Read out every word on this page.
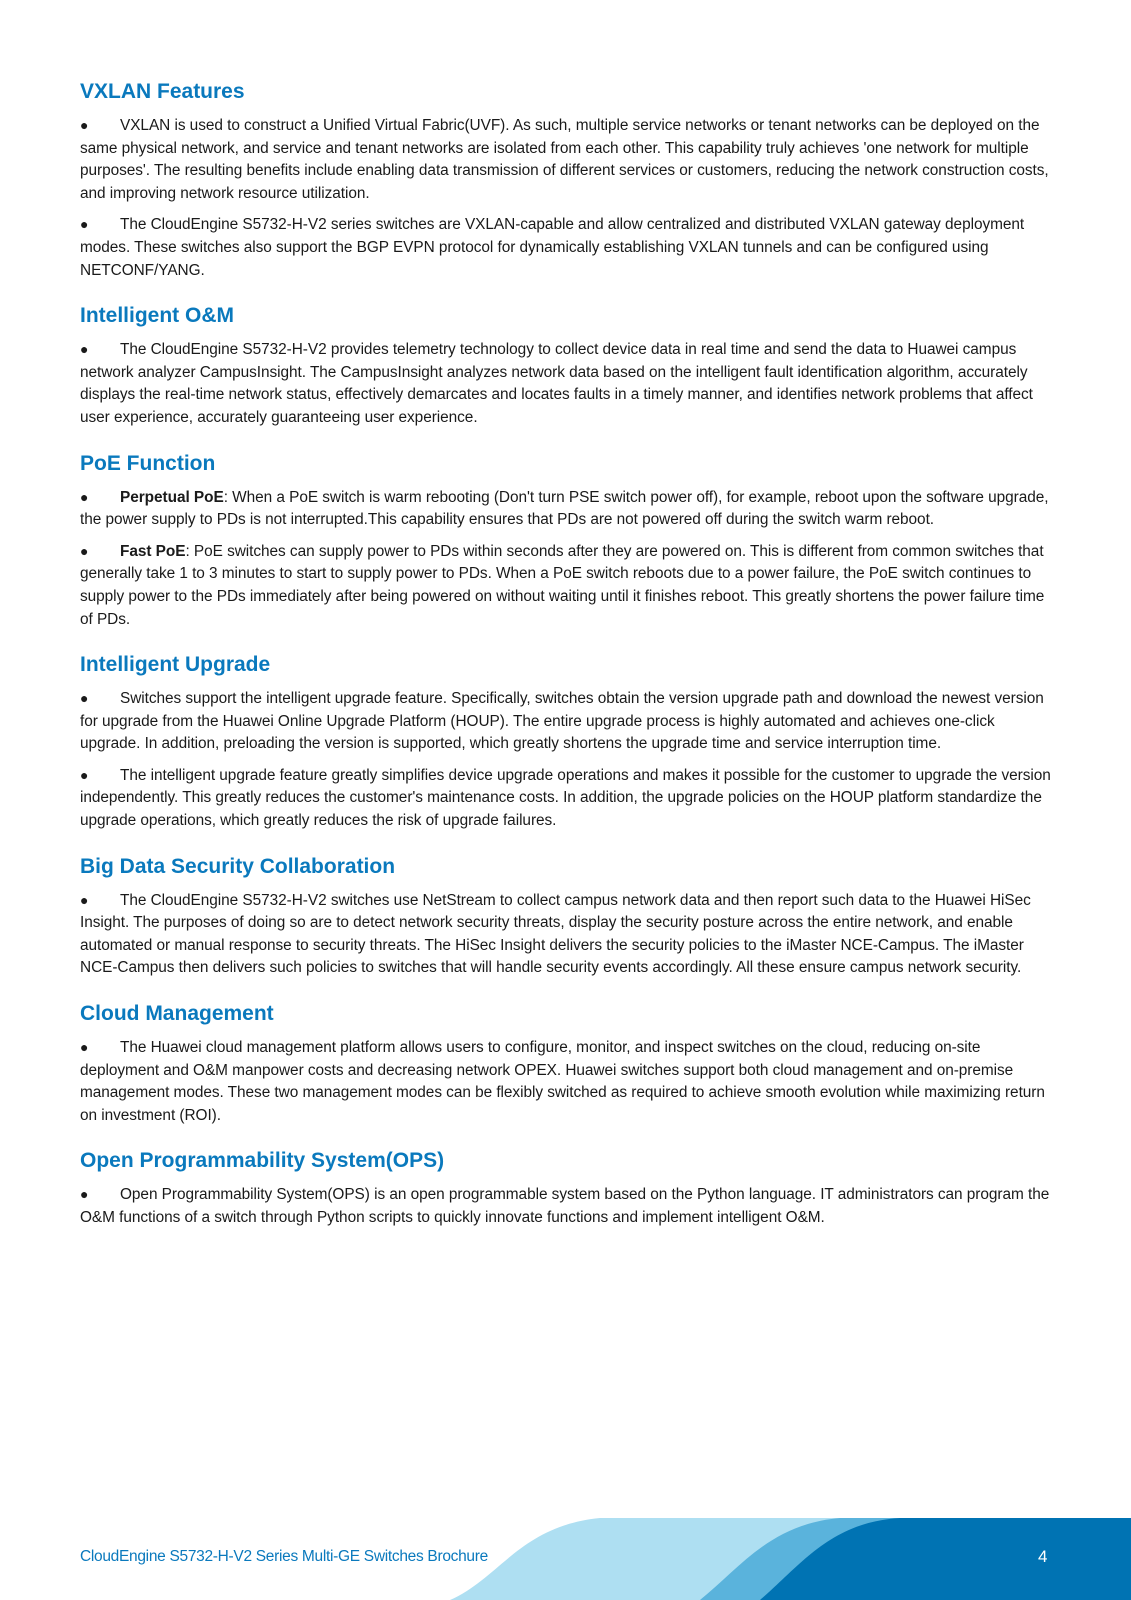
VXLAN Features

●VXLAN is used to construct a Unified Virtual Fabric(UVF). As such, multiple service networks or tenant networks can be deployed on the same physical network, and service and tenant networks are isolated from each other. This capability truly achieves 'one network for multiple purposes'. The resulting benefits include enabling data transmission of different services or customers, reducing the network construction costs, and improving network resource utilization.

●The CloudEngine S5732-H-V2 series switches are VXLAN-capable and allow centralized and distributed VXLAN gateway deployment modes. These switches also support the BGP EVPN protocol for dynamically establishing VXLAN tunnels and can be configured using NETCONF/YANG.

Intelligent O&M

●The CloudEngine S5732-H-V2 provides telemetry technology to collect device data in real time and send the data to Huawei campus network analyzer CampusInsight. The CampusInsight analyzes network data based on the intelligent fault identification algorithm, accurately displays the real-time network status, effectively demarcates and locates faults in a timely manner, and identifies network problems that affect user experience, accurately guaranteeing user experience.

PoE Function

●Perpetual PoE: When a PoE switch is warm rebooting (Don't turn PSE switch power off), for example, reboot upon the software upgrade, the power supply to PDs is not interrupted.This capability ensures that PDs are not powered off during the switch warm reboot.

●Fast PoE: PoE switches can supply power to PDs within seconds after they are powered on. This is different from common switches that generally take 1 to 3 minutes to start to supply power to PDs. When a PoE switch reboots due to a power failure, the PoE switch continues to supply power to the PDs immediately after being powered on without waiting until it finishes reboot. This greatly shortens the power failure time of PDs.

Intelligent Upgrade

●Switches support the intelligent upgrade feature. Specifically, switches obtain the version upgrade path and download the newest version for upgrade from the Huawei Online Upgrade Platform (HOUP). The entire upgrade process is highly automated and achieves one-click upgrade. In addition, preloading the version is supported, which greatly shortens the upgrade time and service interruption time.

●The intelligent upgrade feature greatly simplifies device upgrade operations and makes it possible for the customer to upgrade the version independently. This greatly reduces the customer's maintenance costs. In addition, the upgrade policies on the HOUP platform standardize the upgrade operations, which greatly reduces the risk of upgrade failures.

Big Data Security Collaboration

●The CloudEngine S5732-H-V2 switches use NetStream to collect campus network data and then report such data to the Huawei HiSec Insight. The purposes of doing so are to detect network security threats, display the security posture across the entire network, and enable automated or manual response to security threats. The HiSec Insight delivers the security policies to the iMaster NCE-Campus. The iMaster NCE-Campus then delivers such policies to switches that will handle security events accordingly. All these ensure campus network security.

Cloud Management

●The Huawei cloud management platform allows users to configure, monitor, and inspect switches on the cloud, reducing on-site deployment and O&M manpower costs and decreasing network OPEX. Huawei switches support both cloud management and on-premise management modes. These two management modes can be flexibly switched as required to achieve smooth evolution while maximizing return on investment (ROI).

Open Programmability System(OPS)

●Open Programmability System(OPS) is an open programmable system based on the Python language. IT administrators can program the O&M functions of a switch through Python scripts to quickly innovate functions and implement intelligent O&M.

CloudEngine S5732-H-V2 Series Multi-GE Switches Brochure	4
